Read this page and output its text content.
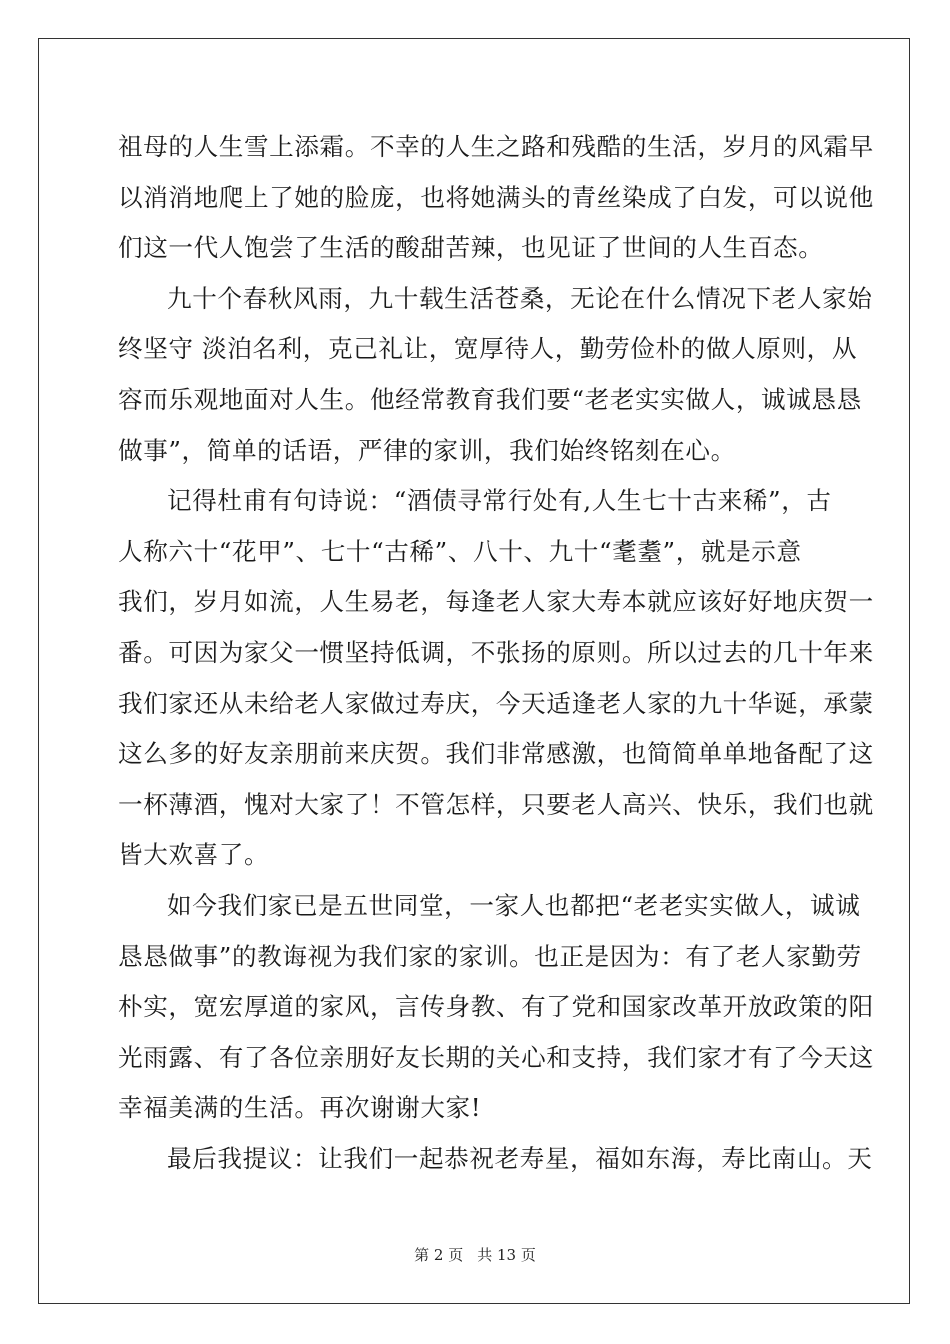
祖母的人生雪上添霜。不幸的人生之路和残酷的生活，岁月的风霜早
以消消地爬上了她的脸庞，也将她满头的青丝染成了白发，可以说他
们这一代人饱尝了生活的酸甜苦辣，也见证了世间的人生百态。
九十个春秋风雨，九十载生活苍桑，无论在什么情况下老人家始
终坚守 淡泊名利，克己礼让，宽厚待人，勤劳俭朴的做人原则，从
容而乐观地面对人生。他经常教育我们要“老老实实做人，诚诚恳恳
做事”，简单的话语，严律的家训，我们始终铭刻在心。
记得杜甫有句诗说：“酒债寻常行处有,人生七十古来稀”，古
人称六十“花甲”、七十“古稀”、八十、九十“耄耋”，就是示意
我们，岁月如流，人生易老，每逢老人家大寿本就应该好好地庆贺一
番。可因为家父一惯坚持低调，不张扬的原则。所以过去的几十年来
我们家还从未给老人家做过寿庆，今天适逢老人家的九十华诞，承蒙
这么多的好友亲朋前来庆贺。我们非常感激，也简简单单地备配了这
一杯薄酒，愧对大家了！不管怎样，只要老人高兴、快乐，我们也就
皆大欢喜了。
如今我们家已是五世同堂，一家人也都把“老老实实做人，诚诚
恳恳做事”的教诲视为我们家的家训。也正是因为：有了老人家勤劳
朴实，宽宏厚道的家风，言传身教、有了党和国家改革开放政策的阳
光雨露、有了各位亲朋好友长期的关心和支持，我们家才有了今天这
幸福美满的生活。再次谢谢大家!
最后我提议：让我们一起恭祝老寿星，福如东海，寿比南山。天
第 2 页 共 13 页
